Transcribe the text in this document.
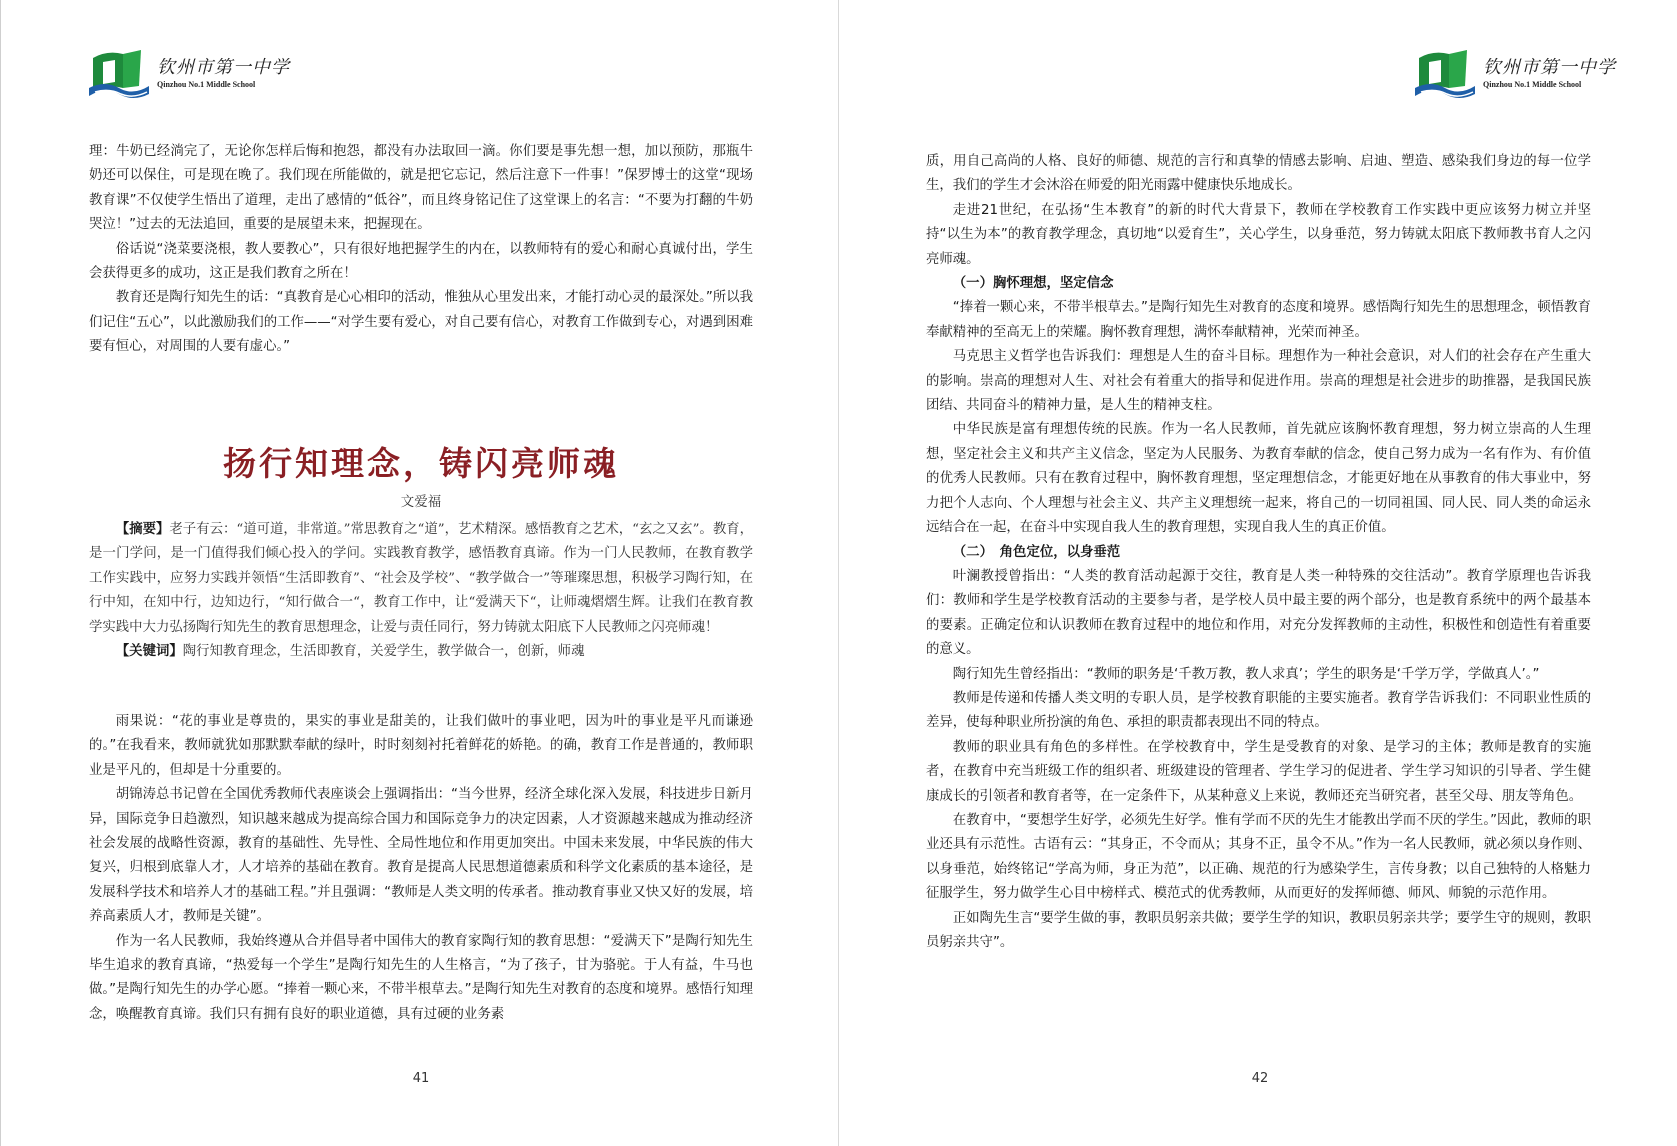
钦州市第一中学
Qinzhou No.1 Middle School

理：牛奶已经淌完了，无论你怎样后悔和抱怨，都没有办法取回一滴。你们要是事先想一想，加以预防，那瓶牛奶还可以保住，可是现在晚了。我们现在所能做的，就是把它忘记，然后注意下一件事！”保罗博士的这堂“现场教育课”不仅使学生悟出了道理，走出了感情的“低谷”，而且终身铭记住了这堂课上的名言：“不要为打翻的牛奶哭泣！”过去的无法追回，重要的是展望未来，把握现在。

俗话说“浇菜要浇根，教人要教心”，只有很好地把握学生的内在，以教师特有的爱心和耐心真诚付出，学生会获得更多的成功，这正是我们教育之所在！

教育还是陶行知先生的话：“真教育是心心相印的活动，惟独从心里发出来，才能打动心灵的最深处。”所以我们记住“五心”，以此激励我们的工作——“对学生要有爱心，对自己要有信心，对教育工作做到专心，对遇到困难要有恒心，对周围的人要有虚心。”

扬行知理念，铸闪亮师魂
文爱福

【摘要】老子有云：“道可道，非常道。”常思教育之“道”，艺术精深。感悟教育之艺术，“玄之又玄”。教育，是一门学问，是一门值得我们倾心投入的学问。实践教育教学，感悟教育真谛。作为一门人民教师，在教育教学工作实践中，应努力实践并领悟“生活即教育”、“社会及学校”、“教学做合一”等璀璨思想，积极学习陶行知，在行中知，在知中行，边知边行，“知行做合一“，教育工作中，让“爱满天下“，让师魂熠熠生辉。让我们在教育教学实践中大力弘扬陶行知先生的教育思想理念，让爱与责任同行，努力铸就太阳底下人民教师之闪亮师魂！

【关键词】陶行知教育理念，生活即教育，关爱学生，教学做合一，创新，师魂

雨果说：“花的事业是尊贵的，果实的事业是甜美的，让我们做叶的事业吧，因为叶的事业是平凡而谦逊的。”在我看来，教师就犹如那默默奉献的绿叶，时时刻刻衬托着鲜花的娇艳。的确，教育工作是普通的，教师职业是平凡的，但却是十分重要的。

胡锦涛总书记曾在全国优秀教师代表座谈会上强调指出：“当今世界，经济全球化深入发展，科技进步日新月异，国际竞争日趋激烈，知识越来越成为提高综合国力和国际竞争力的决定因素，人才资源越来越成为推动经济社会发展的战略性资源，教育的基础性、先导性、全局性地位和作用更加突出。中国未来发展，中华民族的伟大复兴，归根到底靠人才，人才培养的基础在教育。教育是提高人民思想道德素质和科学文化素质的基本途径，是发展科学技术和培养人才的基础工程。”并且强调：“教师是人类文明的传承者。推动教育事业又快又好的发展，培养高素质人才，教师是关键”。

作为一名人民教师，我始终遵从合并倡导者中国伟大的教育家陶行知的教育思想：“爱满天下”是陶行知先生毕生追求的教育真谛，“热爱每一个学生”是陶行知先生的人生格言，“为了孩子，甘为骆驼。于人有益，牛马也做。”是陶行知先生的办学心愿。“捧着一颗心来，不带半根草去。”是陶行知先生对教育的态度和境界。感悟行知理念，唤醒教育真谛。我们只有拥有良好的职业道德，具有过硬的业务素

41
钦州市第一中学
Qinzhou No.1 Middle School

质，用自己高尚的人格、良好的师德、规范的言行和真挚的情感去影响、启迪、塑造、感染我们身边的每一位学生，我们的学生才会沐浴在师爱的阳光雨露中健康快乐地成长。

走进21世纪，在弘扬“生本教育”的新的时代大背景下，教师在学校教育工作实践中更应该努力树立并坚持“以生为本”的教育教学理念，真切地“以爱育生”，关心学生，以身垂范，努力铸就太阳底下教师教书育人之闪亮师魂。

（一）胸怀理想，坚定信念

“捧着一颗心来，不带半根草去。”是陶行知先生对教育的态度和境界。感悟陶行知先生的思想理念，顿悟教育奉献精神的至高无上的荣耀。胸怀教育理想，满怀奉献精神，光荣而神圣。

马克思主义哲学也告诉我们：理想是人生的奋斗目标。理想作为一种社会意识，对人们的社会存在产生重大的影响。崇高的理想对人生、对社会有着重大的指导和促进作用。崇高的理想是社会进步的助推器，是我国民族团结、共同奋斗的精神力量，是人生的精神支柱。

中华民族是富有理想传统的民族。作为一名人民教师，首先就应该胸怀教育理想，努力树立崇高的人生理想，坚定社会主义和共产主义信念，坚定为人民服务、为教育奉献的信念，使自己努力成为一名有作为、有价值的优秀人民教师。只有在教育过程中，胸怀教育理想，坚定理想信念，才能更好地在从事教育的伟大事业中，努力把个人志向、个人理想与社会主义、共产主义理想统一起来，将自己的一切同祖国、同人民、同人类的命运永远结合在一起，在奋斗中实现自我人生的教育理想，实现自我人生的真正价值。

（二）　角色定位，以身垂范

叶澜教授曾指出：“人类的教育活动起源于交往，教育是人类一种特殊的交往活动”。教育学原理也告诉我们：教师和学生是学校教育活动的主要参与者，是学校人员中最主要的两个部分，也是教育系统中的两个最基本的要素。正确定位和认识教师在教育过程中的地位和作用，对充分发挥教师的主动性，积极性和创造性有着重要的意义。

陶行知先生曾经指出：“教师的职务是‘千教万教，教人求真’；学生的职务是‘千学万学，学做真人’。”

教师是传递和传播人类文明的专职人员，是学校教育职能的主要实施者。教育学告诉我们：不同职业性质的差异，使每种职业所扮演的角色、承担的职责都表现出不同的特点。

教师的职业具有角色的多样性。在学校教育中，学生是受教育的对象、是学习的主体；教师是教育的实施者，在教育中充当班级工作的组织者、班级建设的管理者、学生学习的促进者、学生学习知识的引导者、学生健康成长的引领者和教育者等，在一定条件下，从某种意义上来说，教师还充当研究者，甚至父母、朋友等角色。

在教育中，“要想学生好学，必须先生好学。惟有学而不厌的先生才能教出学而不厌的学生。”因此，教师的职业还具有示范性。古语有云：“其身正，不令而从；其身不正，虽令不从。”作为一名人民教师，就必须以身作则、以身垂范，始终铭记“学高为师，身正为范”，以正确、规范的行为感染学生，言传身教；以自己独特的人格魅力征服学生，努力做学生心目中榜样式、模范式的优秀教师，从而更好的发挥师德、师风、师貌的示范作用。

正如陶先生言“要学生做的事，教职员躬亲共做；要学生学的知识，教职员躬亲共学；要学生守的规则，教职员躬亲共守”。

42
